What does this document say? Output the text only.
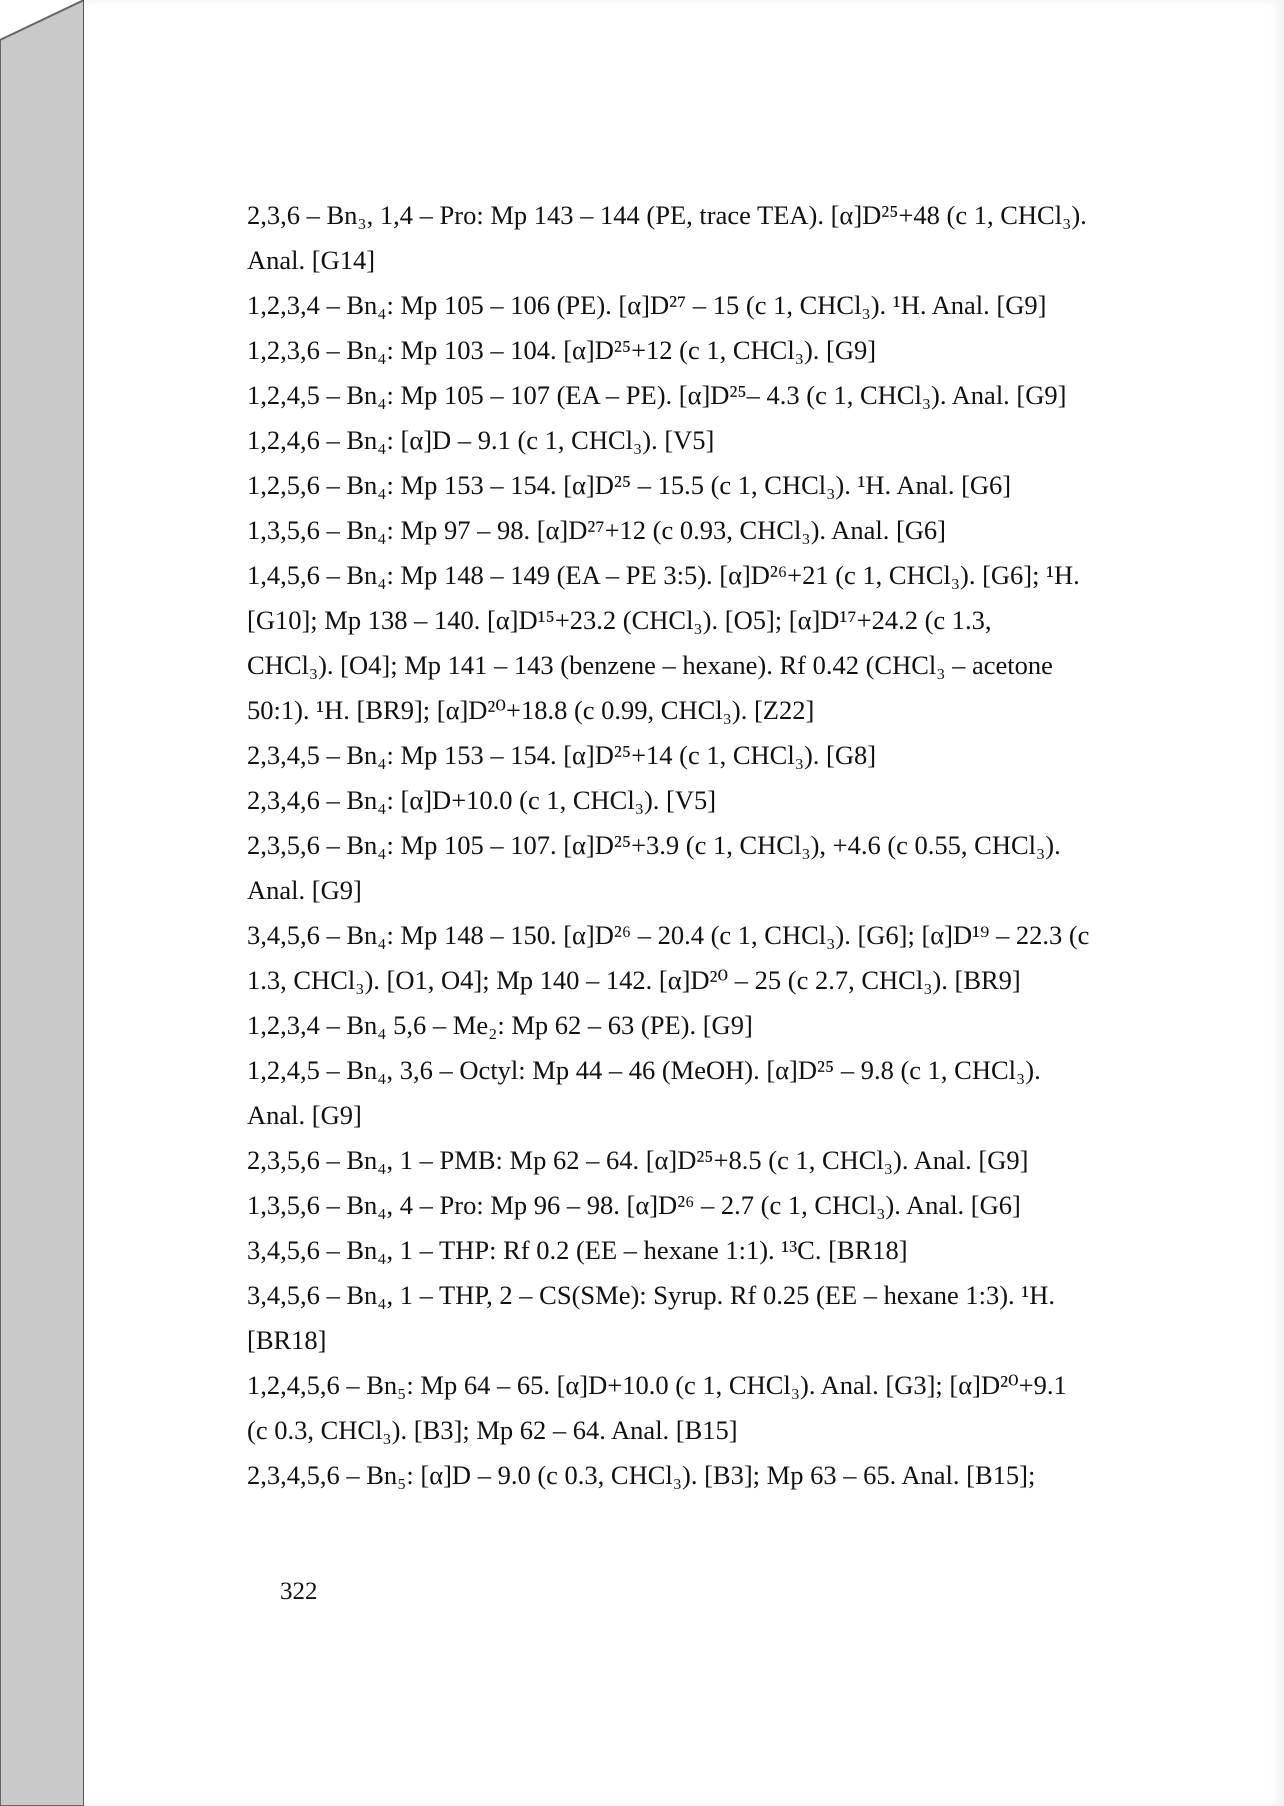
2,3,6 – Bn₃, 1,4 – Pro: Mp 143 – 144 (PE, trace TEA). [α]D²⁵+48 (c 1, CHCl₃).

Anal. [G14]

1,2,3,4 – Bn₄: Mp 105 – 106 (PE). [α]D²⁷ – 15 (c 1, CHCl₃). ¹H. Anal. [G9]

1,2,3,6 – Bn₄: Mp 103 – 104. [α]D²⁵+12 (c 1, CHCl₃). [G9]

1,2,4,5 – Bn₄: Mp 105 – 107 (EA – PE). [α]D²⁵– 4.3 (c 1, CHCl₃). Anal. [G9]

1,2,4,6 – Bn₄: [α]D – 9.1 (c 1, CHCl₃). [V5]

1,2,5,6 – Bn₄: Mp 153 – 154. [α]D²⁵ – 15.5 (c 1, CHCl₃). ¹H. Anal. [G6]

1,3,5,6 – Bn₄: Mp 97 – 98. [α]D²⁷+12 (c 0.93, CHCl₃). Anal. [G6]

1,4,5,6 – Bn₄: Mp 148 – 149 (EA – PE 3:5). [α]D²⁶+21 (c 1, CHCl₃). [G6]; ¹H.

[G10]; Mp 138 – 140. [α]D¹⁵+23.2 (CHCl₃). [O5]; [α]D¹⁷+24.2 (c 1.3,

CHCl₃). [O4]; Mp 141 – 143 (benzene – hexane). Rf 0.42 (CHCl₃ – acetone

50:1). ¹H. [BR9]; [α]D²⁰+18.8 (c 0.99, CHCl₃). [Z22]

2,3,4,5 – Bn₄: Mp 153 – 154. [α]D²⁵+14 (c 1, CHCl₃). [G8]

2,3,4,6 – Bn₄: [α]D+10.0 (c 1, CHCl₃). [V5]

2,3,5,6 – Bn₄: Mp 105 – 107. [α]D²⁵+3.9 (c 1, CHCl₃), +4.6 (c 0.55, CHCl₃).

Anal. [G9]

3,4,5,6 – Bn₄: Mp 148 – 150. [α]D²⁶ – 20.4 (c 1, CHCl₃). [G6]; [α]D¹⁹ – 22.3 (c

1.3, CHCl₃). [O1, O4]; Mp 140 – 142. [α]D²⁰ – 25 (c 2.7, CHCl₃). [BR9]

1,2,3,4 – Bn₄ 5,6 – Me₂: Mp 62 – 63 (PE). [G9]

1,2,4,5 – Bn₄, 3,6 – Octyl: Mp 44 – 46 (MeOH). [α]D²⁵ – 9.8 (c 1, CHCl₃).

Anal. [G9]

2,3,5,6 – Bn₄, 1 – PMB: Mp 62 – 64. [α]D²⁵+8.5 (c 1, CHCl₃). Anal. [G9]

1,3,5,6 – Bn₄, 4 – Pro: Mp 96 – 98. [α]D²⁶ – 2.7 (c 1, CHCl₃). Anal. [G6]

3,4,5,6 – Bn₄, 1 – THP: Rf 0.2 (EE – hexane 1:1). ¹³C. [BR18]

3,4,5,6 – Bn₄, 1 – THP, 2 – CS(SMe): Syrup. Rf 0.25 (EE – hexane 1:3). ¹H.

[BR18]

1,2,4,5,6 – Bn₅: Mp 64 – 65. [α]D+10.0 (c 1, CHCl₃). Anal. [G3]; [α]D²⁰+9.1

(c 0.3, CHCl₃). [B3]; Mp 62 – 64. Anal. [B15]

2,3,4,5,6 – Bn₅: [α]D – 9.0 (c 0.3, CHCl₃). [B3]; Mp 63 – 65. Anal. [B15];

322
